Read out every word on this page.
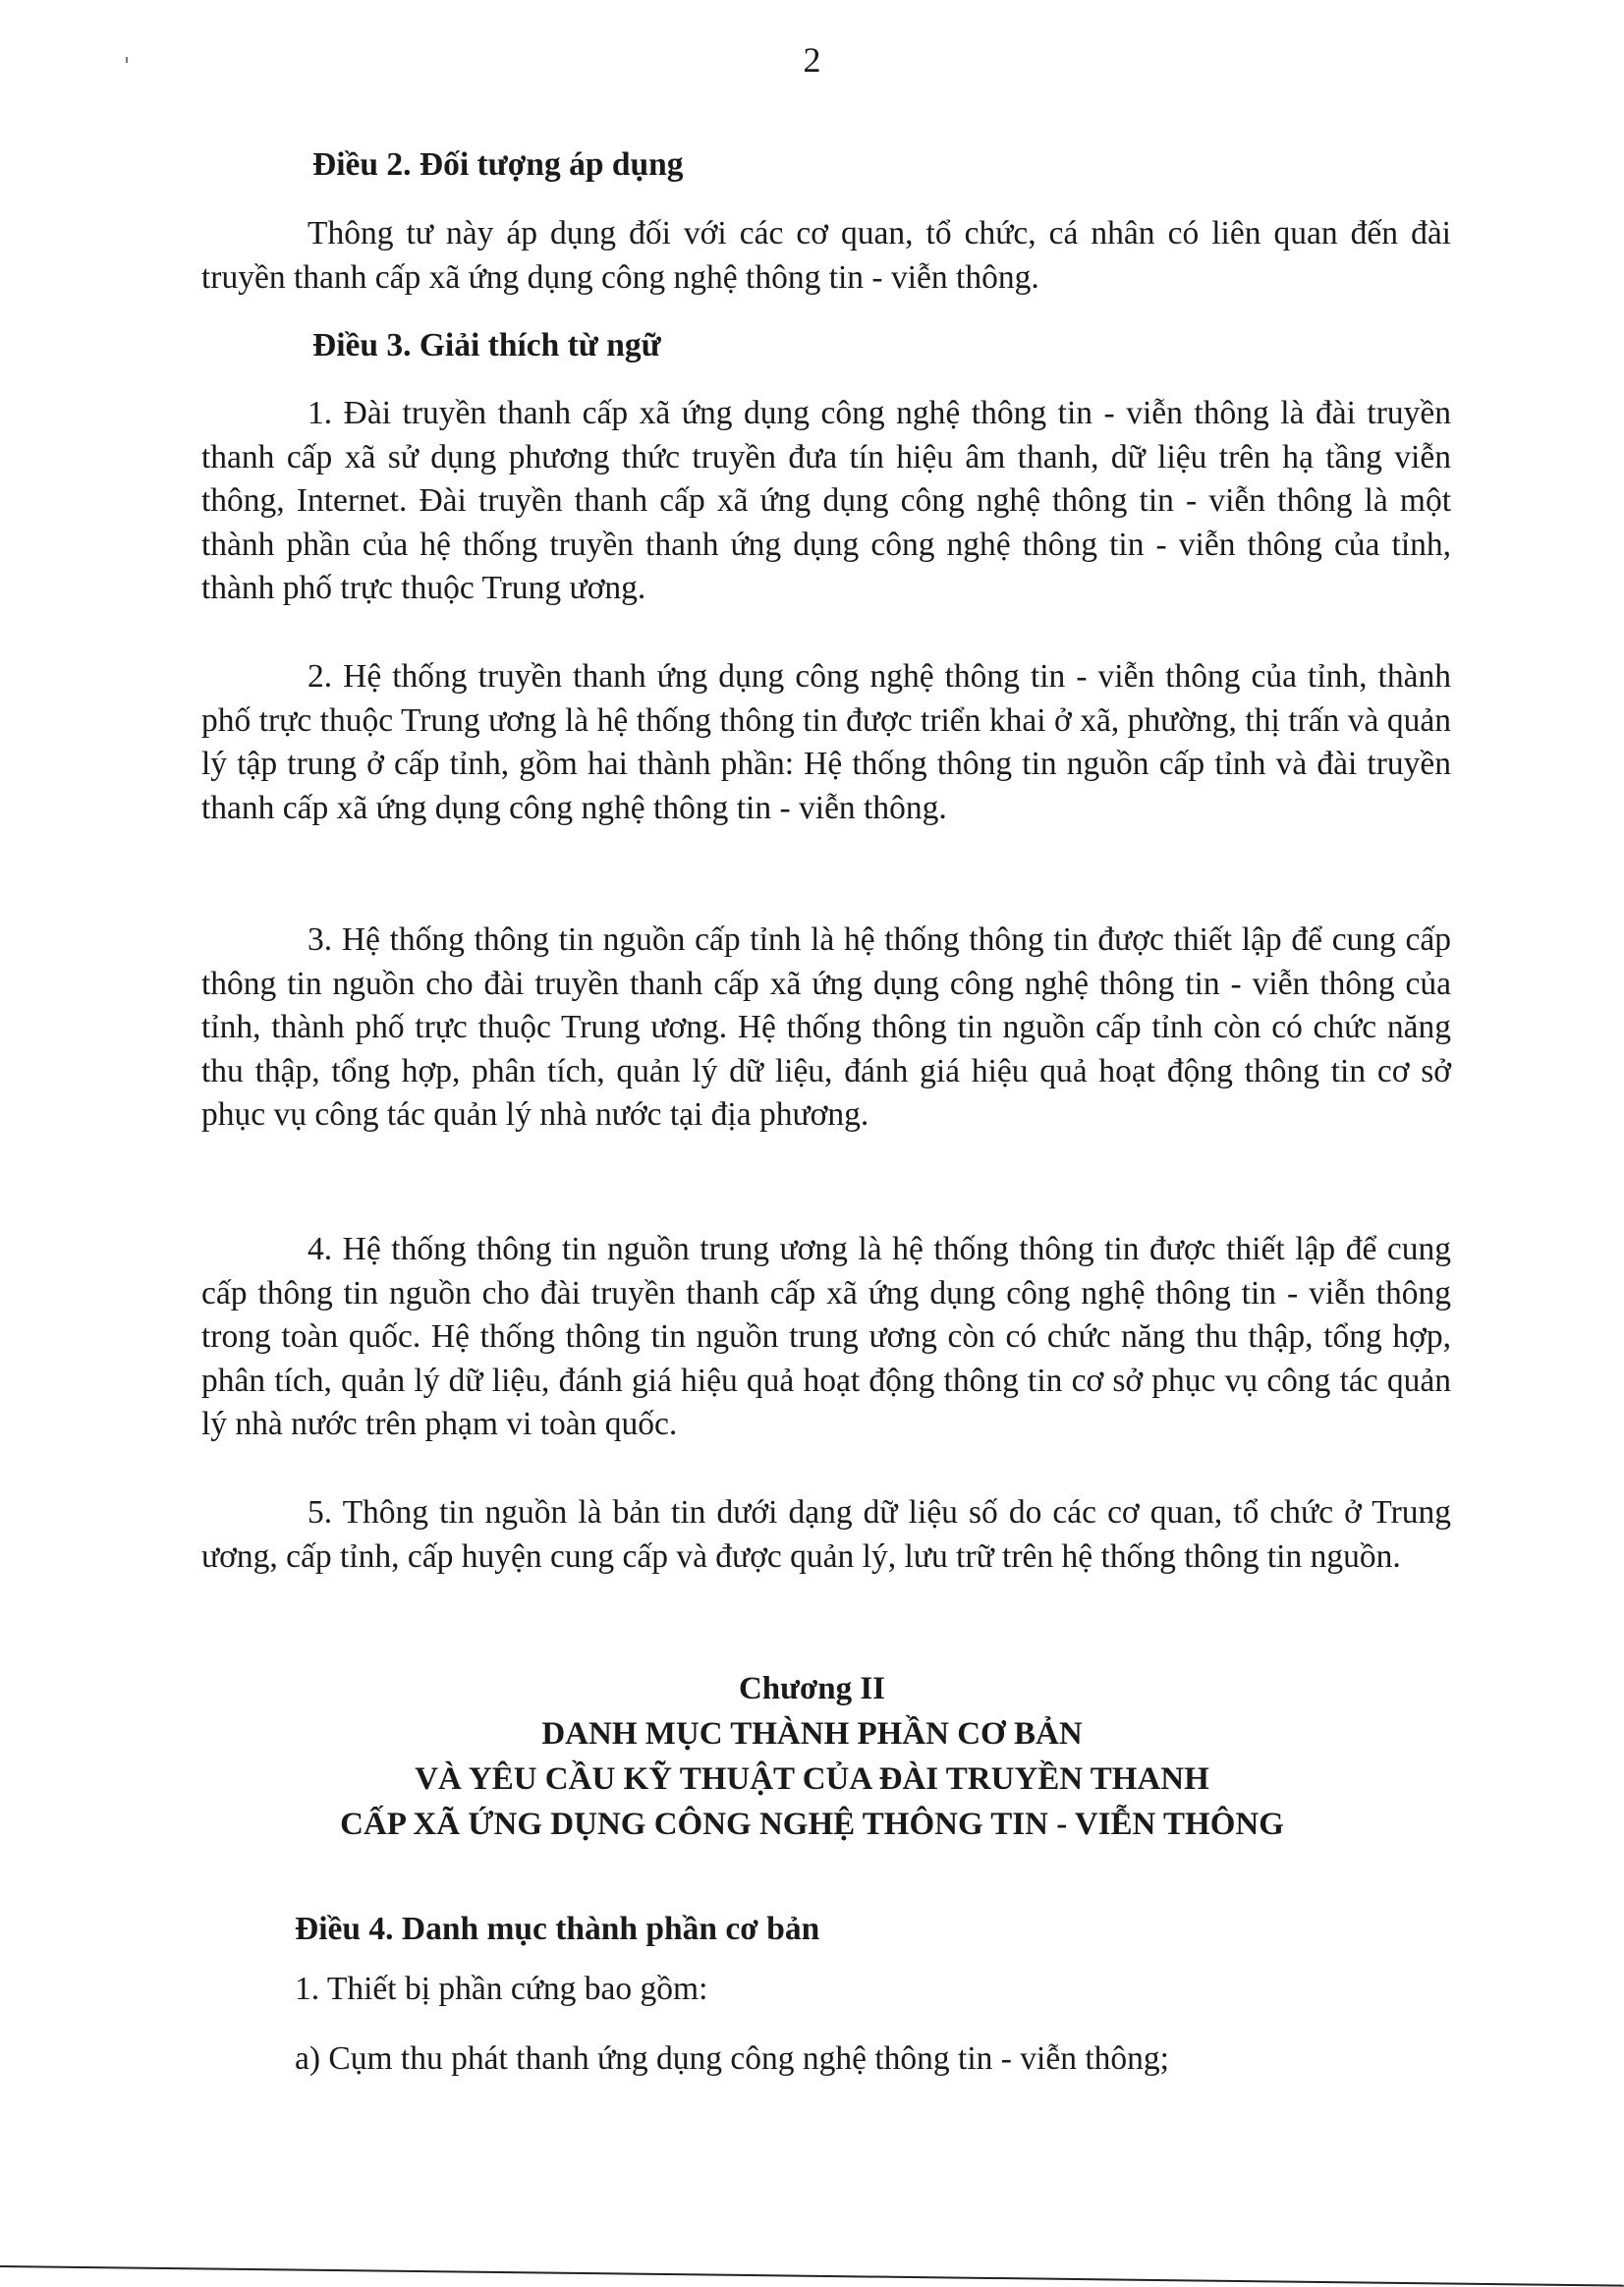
2
Điều 2. Đối tượng áp dụng
Thông tư này áp dụng đối với các cơ quan, tổ chức, cá nhân có liên quan đến đài truyền thanh cấp xã ứng dụng công nghệ thông tin - viễn thông.
Điều 3. Giải thích từ ngữ
1. Đài truyền thanh cấp xã ứng dụng công nghệ thông tin - viễn thông là đài truyền thanh cấp xã sử dụng phương thức truyền đưa tín hiệu âm thanh, dữ liệu trên hạ tầng viễn thông, Internet. Đài truyền thanh cấp xã ứng dụng công nghệ thông tin - viễn thông là một thành phần của hệ thống truyền thanh ứng dụng công nghệ thông tin - viễn thông của tỉnh, thành phố trực thuộc Trung ương.
2. Hệ thống truyền thanh ứng dụng công nghệ thông tin - viễn thông của tỉnh, thành phố trực thuộc Trung ương là hệ thống thông tin được triển khai ở xã, phường, thị trấn và quản lý tập trung ở cấp tỉnh, gồm hai thành phần: Hệ thống thông tin nguồn cấp tỉnh và đài truyền thanh cấp xã ứng dụng công nghệ thông tin - viễn thông.
3. Hệ thống thông tin nguồn cấp tỉnh là hệ thống thông tin được thiết lập để cung cấp thông tin nguồn cho đài truyền thanh cấp xã ứng dụng công nghệ thông tin - viễn thông của tỉnh, thành phố trực thuộc Trung ương. Hệ thống thông tin nguồn cấp tỉnh còn có chức năng thu thập, tổng hợp, phân tích, quản lý dữ liệu, đánh giá hiệu quả hoạt động thông tin cơ sở phục vụ công tác quản lý nhà nước tại địa phương.
4. Hệ thống thông tin nguồn trung ương là hệ thống thông tin được thiết lập để cung cấp thông tin nguồn cho đài truyền thanh cấp xã ứng dụng công nghệ thông tin - viễn thông trong toàn quốc. Hệ thống thông tin nguồn trung ương còn có chức năng thu thập, tổng hợp, phân tích, quản lý dữ liệu, đánh giá hiệu quả hoạt động thông tin cơ sở phục vụ công tác quản lý nhà nước trên phạm vi toàn quốc.
5. Thông tin nguồn là bản tin dưới dạng dữ liệu số do các cơ quan, tổ chức ở Trung ương, cấp tỉnh, cấp huyện cung cấp và được quản lý, lưu trữ trên hệ thống thông tin nguồn.
Chương II
DANH MỤC THÀNH PHẦN CƠ BẢN
VÀ YÊU CẦU KỸ THUẬT CỦA ĐÀI TRUYỀN THANH
CẤP XÃ ỨNG DỤNG CÔNG NGHỆ THÔNG TIN - VIỄN THÔNG
Điều 4. Danh mục thành phần cơ bản
1. Thiết bị phần cứng bao gồm:
a) Cụm thu phát thanh ứng dụng công nghệ thông tin - viễn thông;
